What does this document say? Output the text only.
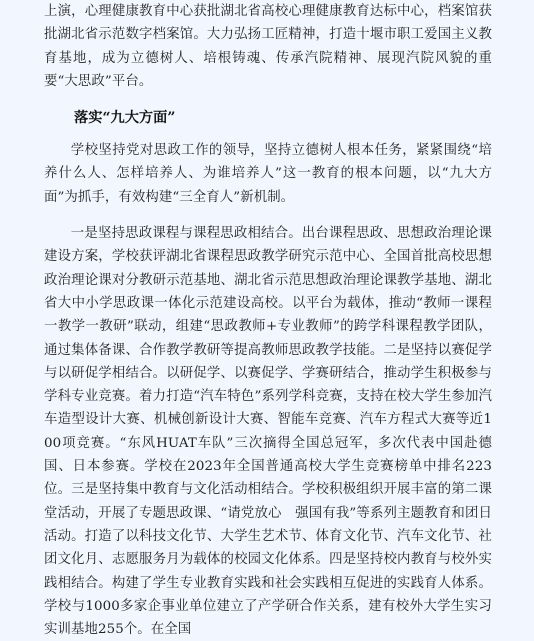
上演，心理健康教育中心获批湖北省高校心理健康教育达标中心，档案馆获批湖北省示范数字档案馆。大力弘扬工匠精神，打造十堰市职工爱国主义教育基地，成为立德树人、培根铸魂、传承汽院精神、展现汽院风貌的重要“大思政”平台。

落实“九大方面”

学校坚持党对思政工作的领导，坚持立德树人根本任务，紧紧围绕“培养什么人、怎样培养人、为谁培养人”这一教育的根本问题，以“九大方面”为抓手，有效构建“三全育人”新机制。

一是坚持思政课程与课程思政相结合。出台课程思政、思想政治理论课建设方案，学校获评湖北省课程思政教学研究示范中心、全国首批高校思想政治理论课对分教研示范基地、湖北省示范思想政治理论课教学基地、湖北省大中小学思政课一体化示范建设高校。以平台为载体，推动“教师一课程一教学一教研”联动，组建“思政教师+专业教师”的跨学科课程教学团队，通过集体备课、合作教学教研等提高教师思政教学技能。二是坚持以赛促学与以研促学相结合。以研促学、以赛促学、学赛研结合，推动学生积极参与学科专业竞赛。着力打造“汽车特色”系列学科竞赛，支持在校大学生参加汽车造型设计大赛、机械创新设计大赛、智能车竞赛、汽车方程式大赛等近100项竞赛。“东风HUAT车队”三次摘得全国总冠军，多次代表中国赴德国、日本参赛。学校在2023年全国普通高校大学生竞赛榜单中排名223位。三是坚持集中教育与文化活动相结合。学校积极组织开展丰富的第二课堂活动，开展了专题思政课、“请党放心　强国有我”等系列主题教育和团日活动。打造了以科技文化节、大学生艺术节、体育文化节、汽车文化节、社团文化月、志愿服务月为载体的校园文化体系。四是坚持校内教育与校外实践相结合。构建了学生专业教育实践和社会实践相互促进的实践育人体系。学校与1000多家企事业单位建立了产学研合作关系，建有校外大学生实习实训基地255个。在全国
